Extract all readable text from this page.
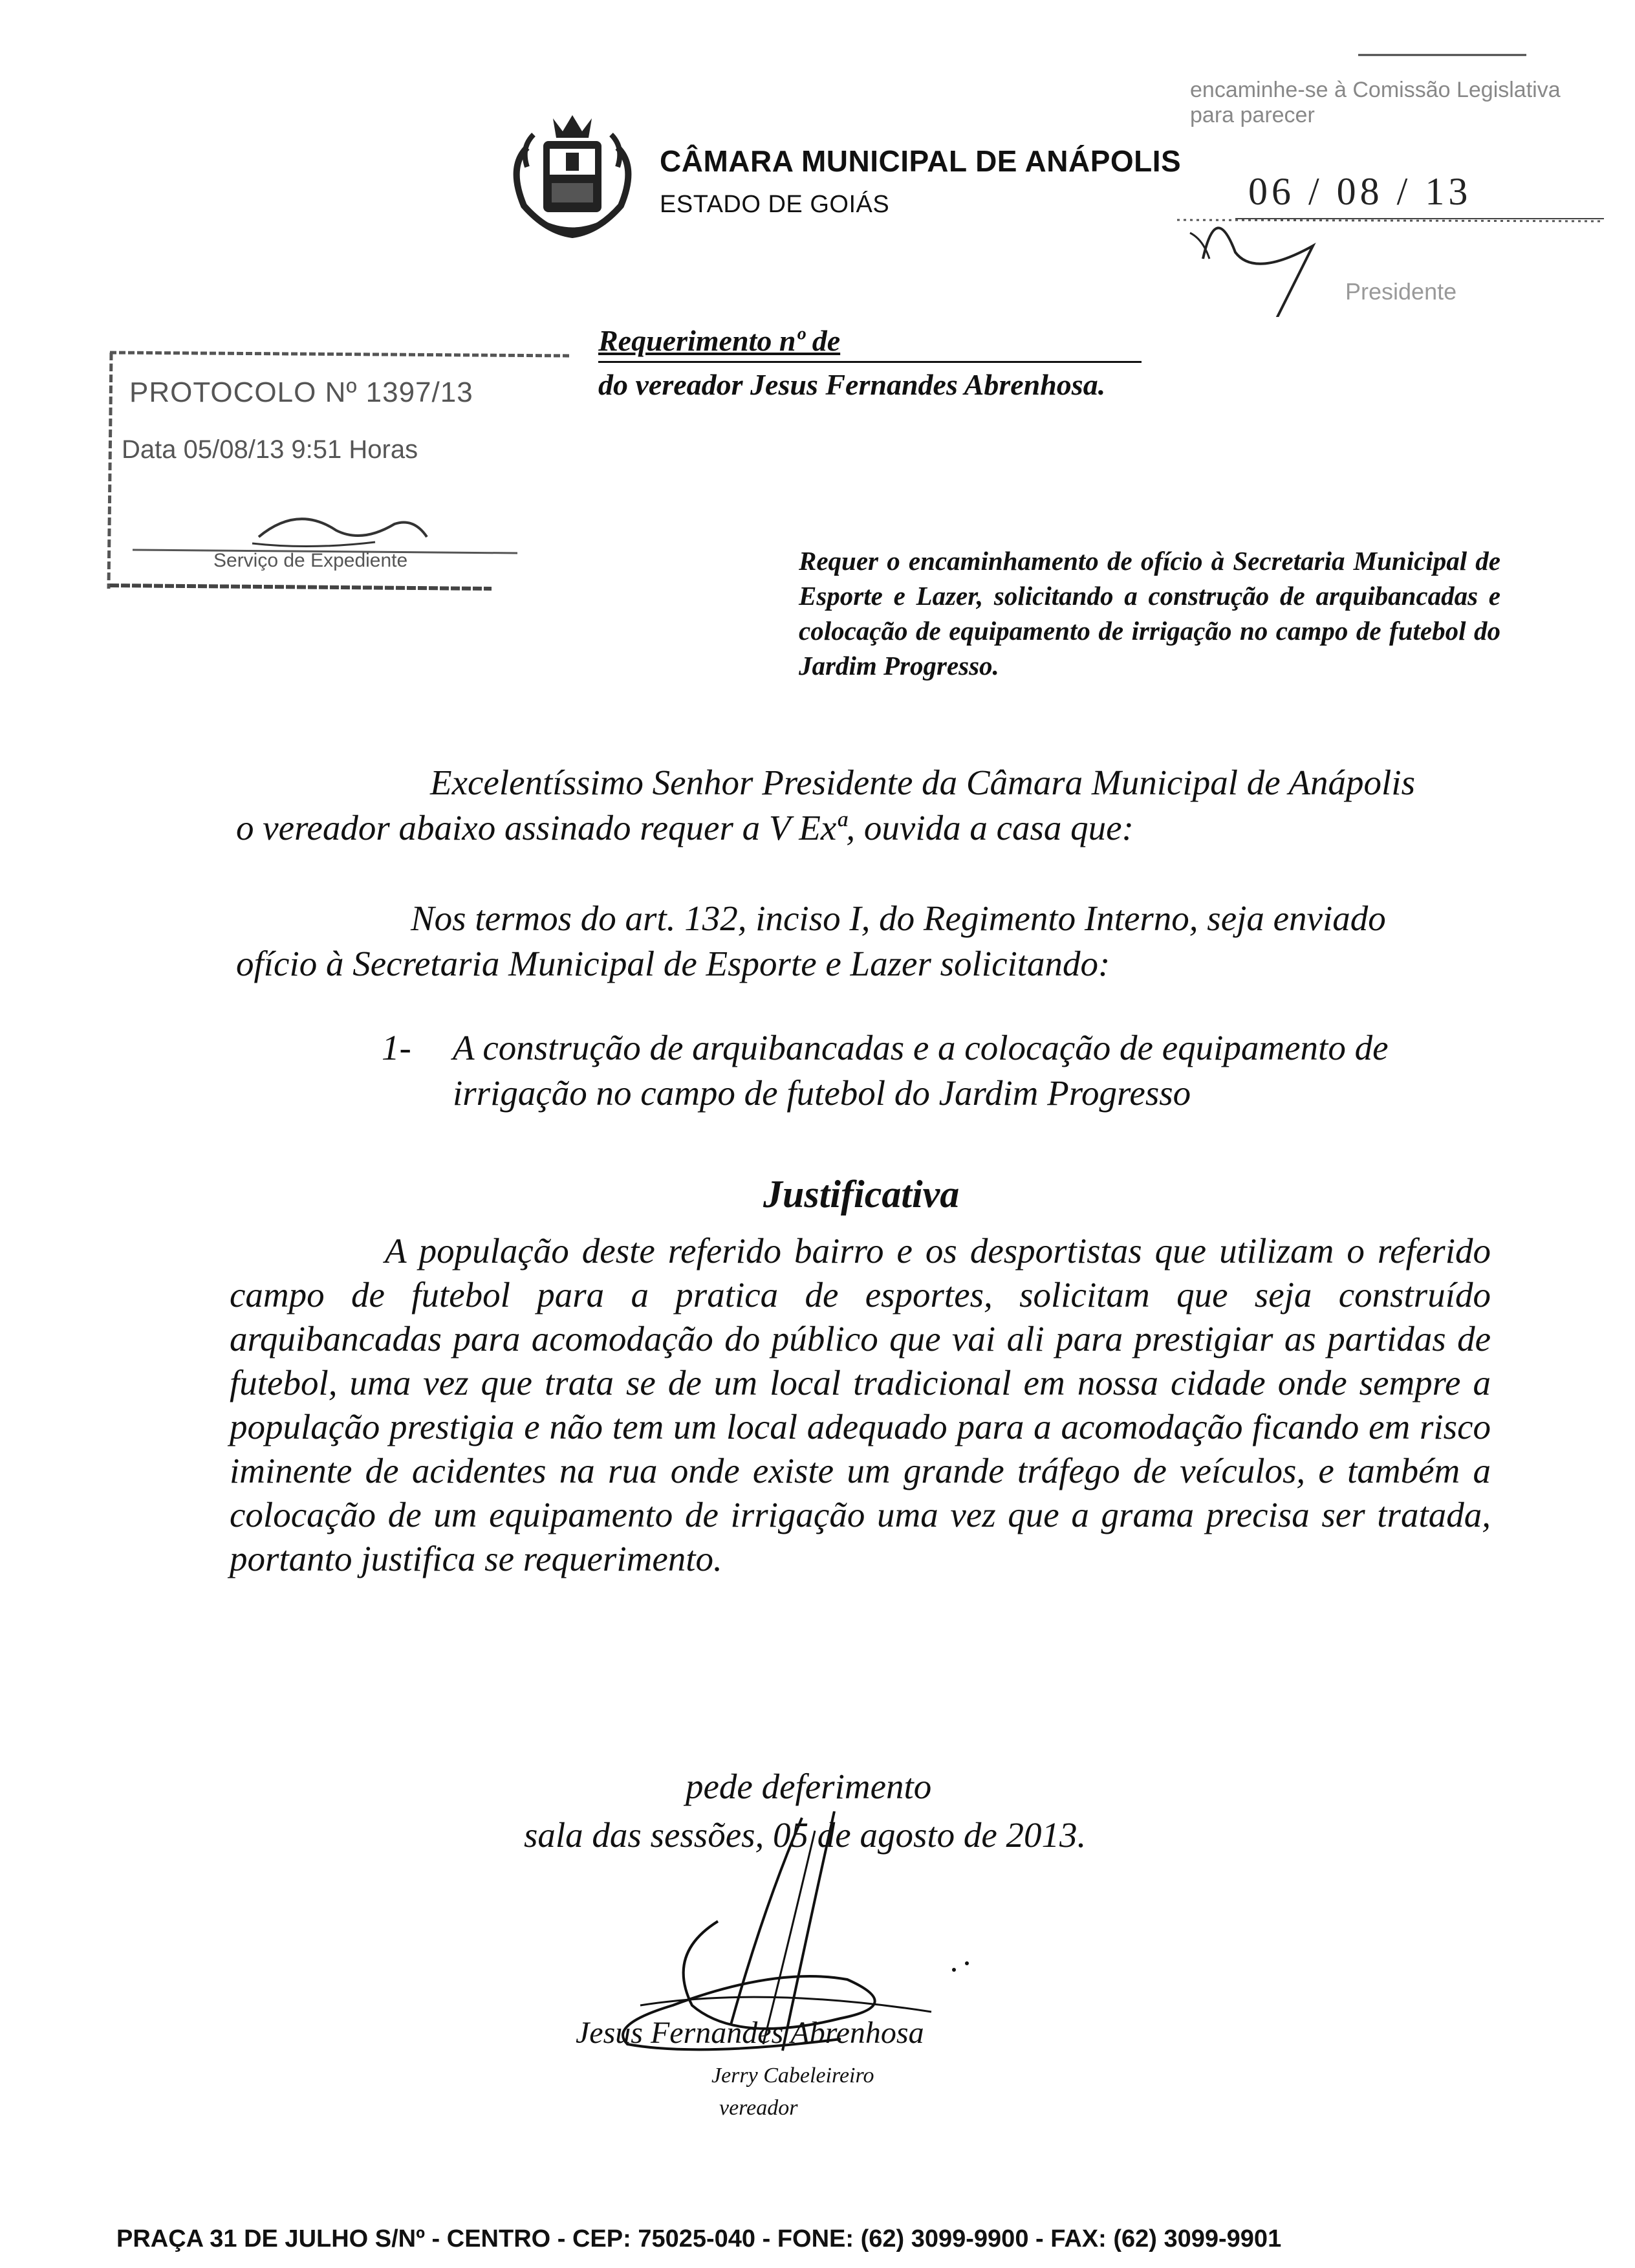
CÂMARA MUNICIPAL DE ANÁPOLIS
ESTADO DE GOIÁS
encaminhe-se à Comissão Legislativa para parecer
06 / 08 / 13
Presidente
PROTOCOLO Nº 1397/13
Data 05/08/13 9:51 Horas
Serviço de Expediente
Requerimento nº de
do vereador Jesus Fernandes Abrenhosa.
Requer o encaminhamento de ofício à Secretaria Municipal de Esporte e Lazer, solicitando a construção de arquibancadas e colocação de equipamento de irrigação no campo de futebol do Jardim Progresso.

Excelentíssimo Senhor Presidente da Câmara Municipal de Anápolis

o vereador abaixo assinado requer a V Exª, ouvida a casa que:

Nos termos do art. 132, inciso I, do Regimento Interno, seja enviado

ofício à Secretaria Municipal de Esporte e Lazer solicitando:

1-	A construção de arquibancadas e a colocação de equipamento de irrigação no campo de futebol do Jardim Progresso

Justificativa

A população deste referido bairro e os desportistas que utilizam o referido campo de futebol para a pratica de esportes, solicitam que seja construído arquibancadas para acomodação do público que vai ali para prestigiar as partidas de futebol, uma vez que trata se de um local tradicional em nossa cidade onde sempre a população prestigia e não tem um local adequado para a acomodação ficando em risco iminente de acidentes na rua onde existe um grande tráfego de veículos, e também a colocação de um equipamento de irrigação uma vez que a grama precisa ser tratada, portanto justifica se requerimento.

pede deferimento
sala das sessões, 05 de agosto de 2013.
Jesus Fernandes Abrenhosa
Jerry Cabeleireiro
vereador
PRAÇA 31 DE JULHO S/Nº - CENTRO - CEP: 75025-040 - FONE: (62) 3099-9900 - FAX: (62) 3099-9901
